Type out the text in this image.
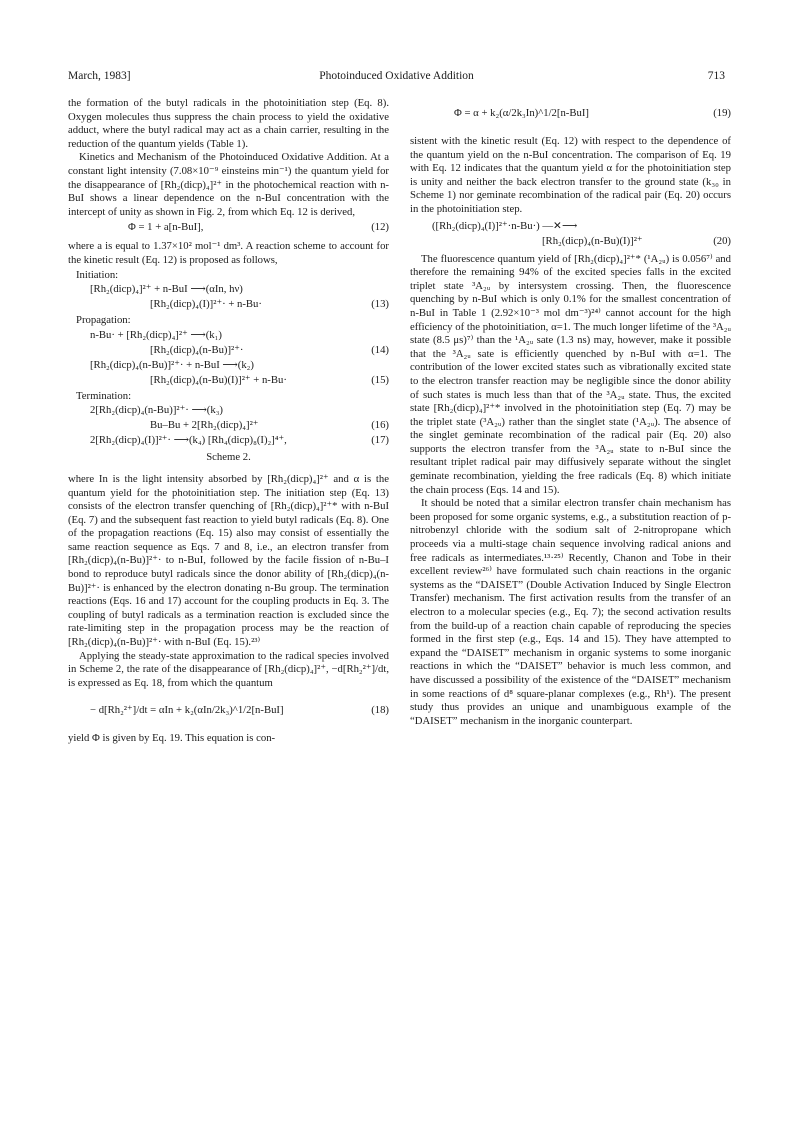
March, 1983]	Photoinduced Oxidative Addition	713

the formation of the butyl radicals in the photoinitiation step (Eq. 8). Oxygen molecules thus suppress the chain process to yield the oxidative adduct, where the butyl radical may act as a chain carrier, resulting in the reduction of the quantum yields (Table 1).

Kinetics and Mechanism of the Photoinduced Oxidative Addition. At a constant light intensity (7.08×10⁻⁹ einsteins min⁻¹) the quantum yield for the disappearance of [Rh₂(dicp)₄]²⁺ in the photochemical reaction with n-BuI shows a linear dependence on the n-BuI concentration with the intercept of unity as shown in Fig. 2, from which Eq. 12 is derived,

Φ = 1 + a[n-BuI],	(12)

where a is equal to 1.37×10² mol⁻¹ dm³. A reaction scheme to account for the kinetic result (Eq. 12) is proposed as follows,

Initiation:
[Rh₂(dicp)₄]²⁺ + n-BuI ⟶(αIn, hν)
[Rh₂(dicp)₄(I)]²⁺· + n-Bu·	(13)
Propagation:
n-Bu· + [Rh₂(dicp)₄]²⁺ ⟶(k₁)
[Rh₂(dicp)₄(n-Bu)]²⁺·	(14)
[Rh₂(dicp)₄(n-Bu)]²⁺· + n-BuI ⟶(k₂)
[Rh₂(dicp)₄(n-Bu)(I)]²⁺ + n-Bu·	(15)
Termination:
2[Rh₂(dicp)₄(n-Bu)]²⁺· ⟶(k₃)
Bu–Bu + 2[Rh₂(dicp)₄]²⁺	(16)
2[Rh₂(dicp)₄(I)]²⁺· ⟶(k₄) [Rh₄(dicp)₈(I)₂]⁴⁺,	(17)
Scheme 2.

where In is the light intensity absorbed by [Rh₂(dicp)₄]²⁺ and α is the quantum yield for the photoinitiation step. The initiation step (Eq. 13) consists of the electron transfer quenching of [Rh₂(dicp)₄]²⁺* with n-BuI (Eq. 7) and the subsequent fast reaction to yield butyl radicals (Eq. 8). One of the propagation reactions (Eq. 15) also may consist of essentially the same reaction sequence as Eqs. 7 and 8, i.e., an electron transfer from [Rh₂(dicp)₄(n-Bu)]²⁺· to n-BuI, followed by the facile fission of n-Bu–I bond to reproduce butyl radicals since the donor ability of [Rh₂(dicp)₄(n-Bu)]²⁺· is enhanced by the electron donating n-Bu group. The termination reactions (Eqs. 16 and 17) account for the coupling products in Eq. 3. The coupling of butyl radicals as a termination reaction is excluded since the rate-limiting step in the propagation process may be the reaction of [Rh₂(dicp)₄(n-Bu)]²⁺· with n-BuI (Eq. 15).²³⁾

Applying the steady-state approximation to the radical species involved in Scheme 2, the rate of the disappearance of [Rh₂(dicp)₄]²⁺, −d[Rh₂²⁺]/dt, is expressed as Eq. 18, from which the quantum

− d[Rh₂²⁺]/dt = αIn + k₂(αIn/2k₃)^1/2[n-BuI]	(18)

yield Φ is given by Eq. 19. This equation is con-

Φ = α + k₂(α/2k₃In)^1/2[n-BuI]	(19)

sistent with the kinetic result (Eq. 12) with respect to the dependence of the quantum yield on the n-BuI concentration. The comparison of Eq. 19 with Eq. 12 indicates that the quantum yield α for the photoinitiation step is unity and neither the back electron transfer to the ground state (k₃₀ in Scheme 1) nor geminate recombination of the radical pair (Eq. 20) occurs in the photoinitiation step.

([Rh₂(dicp)₄(I)]²⁺·n-Bu·) —✕⟶
[Rh₂(dicp)₄(n-Bu)(I)]²⁺	(20)

The fluorescence quantum yield of [Rh₂(dicp)₄]²⁺* (¹A₂ᵤ) is 0.056⁷⁾ and therefore the remaining 94% of the excited species falls in the excited triplet state ³A₂ᵤ by intersystem crossing. Then, the fluorescence quenching by n-BuI which is only 0.1% for the smallest concentration of n-BuI in Table 1 (2.92×10⁻³ mol dm⁻³)²⁴⁾ cannot account for the high efficiency of the photoinitiation, α=1. The much longer lifetime of the ³A₂ᵤ state (8.5 μs)⁷⁾ than the ¹A₂ᵤ sate (1.3 ns) may, however, make it possible that the ³A₂ᵤ sate is efficiently quenched by n-BuI with α=1. The contribution of the lower excited states such as vibrationally excited state to the electron transfer reaction may be negligible since the donor ability of such states is much less than that of the ³A₂ᵤ state. Thus, the excited state [Rh₂(dicp)₄]²⁺* involved in the photoinitiation step (Eq. 7) may be the triplet state (³A₂ᵤ) rather than the singlet state (¹A₂ᵤ). The absence of the singlet geminate recombination of the radical pair (Eq. 20) also supports the electron transfer from the ³A₂ᵤ state to n-BuI since the resultant triplet radical pair may diffusively separate without the singlet geminate recombination, yielding the free radicals (Eq. 8) which initiate the chain process (Eqs. 14 and 15).

It should be noted that a similar electron transfer chain mechanism has been proposed for some organic systems, e.g., a substitution reaction of p-nitrobenzyl chloride with the sodium salt of 2-nitropropane which proceeds via a multi-stage chain sequence involving radical anions and free radicals as intermediates.¹³·²⁵⁾ Recently, Chanon and Tobe in their excellent review²⁶⁾ have formulated such chain reactions in the organic systems as the “DAISET” (Double Activation Induced by Single Electron Transfer) mechanism. The first activation results from the transfer of an electron to a molecular species (e.g., Eq. 7); the second activation results from the build-up of a reaction chain capable of reproducing the species formed in the first step (e.g., Eqs. 14 and 15). They have attempted to expand the “DAISET” mechanism in organic systems to some inorganic reactions in which the “DAISET” behavior is much less common, and have discussed a possibility of the existence of the “DAISET” mechanism in some reactions of d⁸ square-planar complexes (e.g., Rh¹). The present study thus provides an unique and unambiguous example of the “DAISET” mechanism in the inorganic counterpart.
